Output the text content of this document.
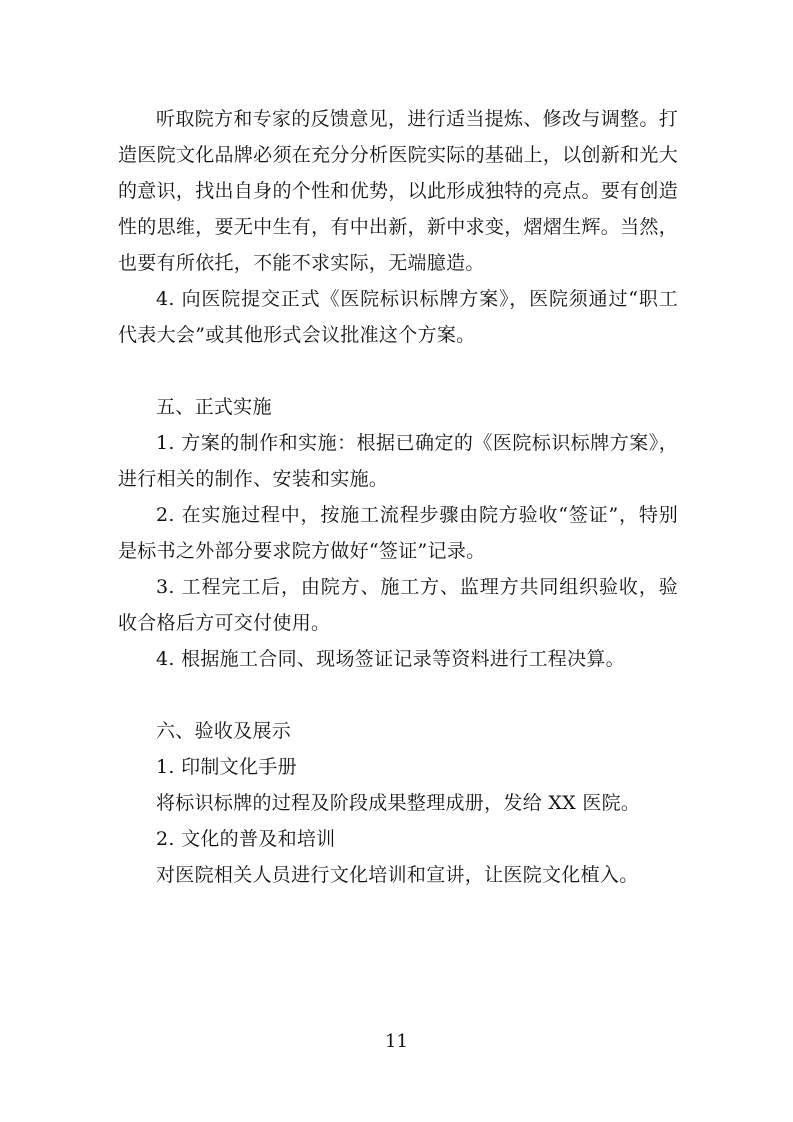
听取院方和专家的反馈意见，进行适当提炼、修改与调整。打造医院文化品牌必须在充分分析医院实际的基础上，以创新和光大的意识，找出自身的个性和优势，以此形成独特的亮点。要有创造性的思维，要无中生有，有中出新，新中求变，熠熠生辉。当然，也要有所依托，不能不求实际，无端臆造。

4. 向医院提交正式《医院标识标牌方案》，医院须通过“职工代表大会”或其他形式会议批准这个方案。

五、正式实施

1. 方案的制作和实施：根据已确定的《医院标识标牌方案》，进行相关的制作、安装和实施。

2. 在实施过程中，按施工流程步骤由院方验收“签证”，特别是标书之外部分要求院方做好“签证”记录。

3. 工程完工后，由院方、施工方、监理方共同组织验收，验收合格后方可交付使用。

4. 根据施工合同、现场签证记录等资料进行工程决算。

六、验收及展示

1. 印制文化手册

将标识标牌的过程及阶段成果整理成册，发给 XX 医院。

2. 文化的普及和培训

对医院相关人员进行文化培训和宣讲，让医院文化植入。

11
